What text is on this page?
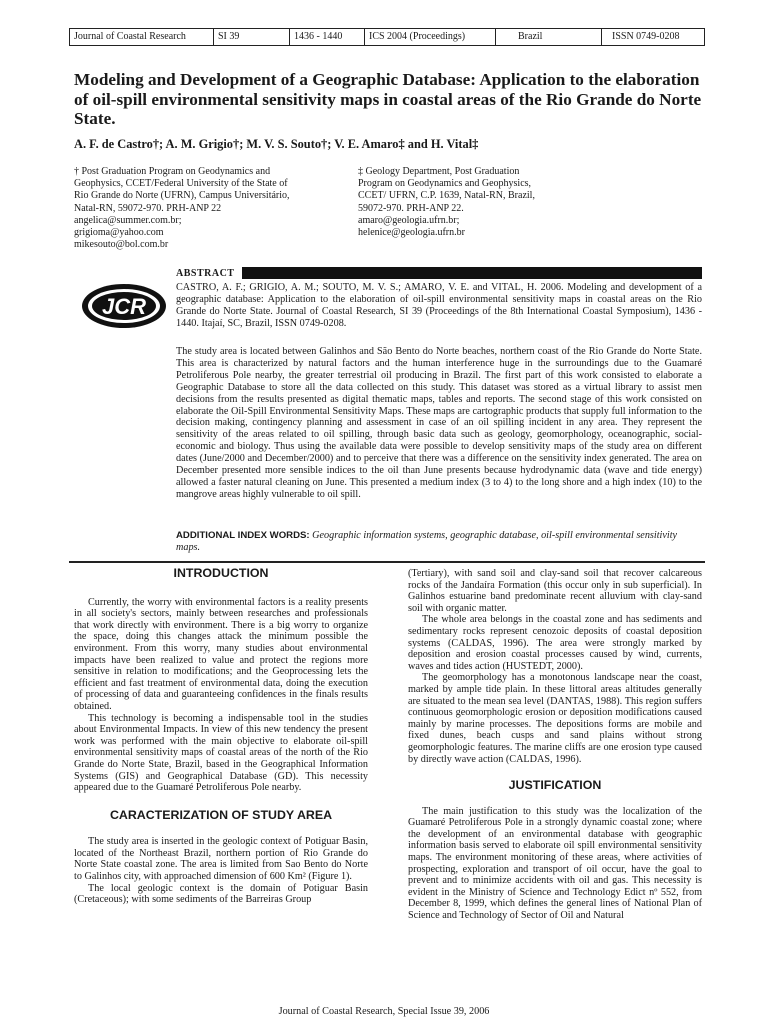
Journal of Coastal Research	SI 39	1436 - 1440	ICS 2004 (Proceedings)	Brazil	ISSN 0749-0208
Modeling and Development of a Geographic Database: Application to the elaboration of oil-spill environmental sensitivity maps in coastal areas of the Rio Grande do Norte State.
A. F. de Castro†; A. M. Grigio†; M. V. S. Souto†; V. E. Amaro‡ and H. Vital‡
† Post Graduation Program on Geodynamics and
Geophysics, CCET/Federal University of the State of
Rio Grande do Norte (UFRN), Campus Universitário,
Natal-RN, 59072-970. PRH-ANP 22
angelica@summer.com.br;
grigioma@yahoo.com
mikesouto@bol.com.br
‡ Geology Department, Post Graduation
Program on Geodynamics and Geophysics,
CCET/ UFRN, C.P. 1639, Natal-RN, Brazil,
59072-970. PRH-ANP 22.
amaro@geologia.ufrn.br;
helenice@geologia.ufrn.br
ABSTRACT
JCR
CASTRO, A. F.; GRIGIO, A. M.; SOUTO, M. V. S.; AMARO, V. E. and VITAL, H. 2006. Modeling and development of a geographic database: Application to the elaboration of oil-spill environmental sensitivity maps in coastal areas on the Rio Grande do Norte State. Journal of Coastal Research, SI 39 (Proceedings of the 8th International Coastal Symposium), 1436 - 1440. Itajaí, SC, Brazil, ISSN 0749-0208.
The study area is located between Galinhos and São Bento do Norte beaches, northern coast of the Rio Grande do Norte State. This area is characterized by natural factors and the human interference huge in the surroundings due to the Guamaré Petroliferous Pole nearby, the greater terrestrial oil producing in Brazil. The first part of this work consisted to elaborate a Geographic Database to store all the data collected on this study. This dataset was stored as a virtual library to assist men decisions from the results presented as digital thematic maps, tables and reports. The second stage of this work consisted on elaborate the Oil-Spill Environmental Sensitivity Maps. These maps are cartographic products that supply full information to the decision making, contingency planning and assessment in case of an oil spilling incident in any area. They represent the sensitivity of the areas related to oil spilling, through basic data such as geology, geomorphology, oceanographic, social-economic and biology. Thus using the available data were possible to develop sensitivity maps of the study area on different dates (June/2000 and December/2000) and to perceive that there was a difference on the sensitivity index generated. The area on December presented more sensible indices to the oil than June presents because hydrodynamic data (wave and tide energy) allowed a faster natural cleaning on June. This presented a medium index (3 to 4) to the long shore and a high index (10) to the mangrove areas highly vulnerable to oil spill.
ADDITIONAL INDEX WORDS: Geographic information systems, geographic database, oil-spill environmental sensitivity maps.
INTRODUCTION

Currently, the worry with environmental factors is a reality presents in all society's sectors, mainly between researches and professionals that work directly with environment. There is a big worry to organize the space, doing this changes attack the minimum possible the environment. From this worry, many studies about environmental impacts have been realized to value and protect the regions more sensitive in relation to modifications; and the Geoprocessing lets the efficient and fast treatment of environmental data, doing the execution of processing of data and guaranteeing confidences in the finals results obtained.

This technology is becoming a indispensable tool in the studies about Environmental Impacts. In view of this new tendency the present work was performed with the main objective to elaborate oil-spill environmental sensitivity maps of coastal areas of the north of the Rio Grande do Norte State, Brazil, based in the Geographical Information Systems (GIS) and Geographical Database (GD). This necessity appeared due to the Guamaré Petroliferous Pole nearby.

CARACTERIZATION OF STUDY AREA

The study area is inserted in the geologic context of Potiguar Basin, located of the Northeast Brazil, northern portion of Rio Grande do Norte State coastal zone. The area is limited from Sao Bento do Norte to Galinhos city, with approached dimension of 600 Km² (Figure 1).

The local geologic context is the domain of Potiguar Basin (Cretaceous); with some sediments of the Barreiras Group

(Tertiary), with sand soil and clay-sand soil that recover calcareous rocks of the Jandaíra Formation (this occur only in sub superficial). In Galinhos estuarine band predominate recent alluvium with clay-sand soil with organic matter.

The whole area belongs in the coastal zone and has sediments and sedimentary rocks represent cenozoic deposits of coastal deposition systems (CALDAS, 1996). The area were strongly marked by deposition and erosion coastal processes caused by wind, currents, waves and tides action (HUSTEDT, 2000).

The geomorphology has a monotonous landscape near the coast, marked by ample tide plain. In these littoral areas altitudes generally are situated to the mean sea level (DANTAS, 1988). This region suffers continuous geomorphologic erosion or deposition modifications caused mainly by marine processes. The depositions forms are mobile and fixed dunes, beach cusps and sand plains without strong geomorphologic features. The marine cliffs are one erosion type caused by directly wave action (CALDAS, 1996).

JUSTIFICATION

The main justification to this study was the localization of the Guamaré Petroliferous Pole in a strongly dynamic coastal zone; where the development of an environmental database with geographic information basis served to elaborate oil spill environmental sensitivity maps. The environment monitoring of these areas, where activities of prospecting, exploration and transport of oil occur, have the goal to prevent and to minimize accidents with oil and gas. This necessity is evident in the Ministry of Science and Technology Edict nº 552, from December 8, 1999, which defines the general lines of National Plan of Science and Technology of Sector of Oil and Natural

Journal of Coastal Research, Special Issue 39, 2006
